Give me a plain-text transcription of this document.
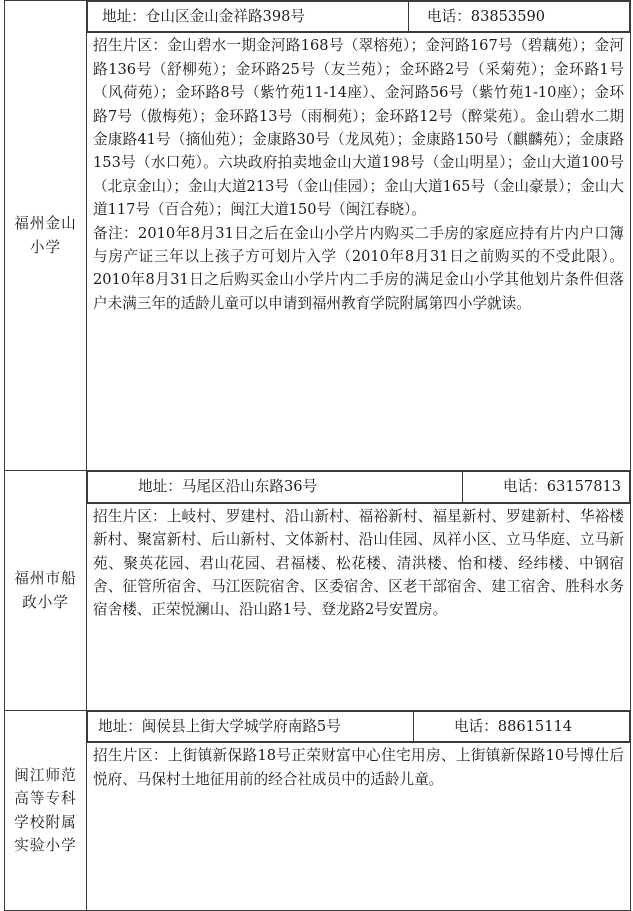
福州金山小学	
地址：仓山区金山金祥路398号	电话：83853590

招生片区：金山碧水一期金河路168号（翠榕苑）；金河路167号（碧藕苑）；金河路136号（舒柳苑）；金环路25号（友兰苑）；金环路2号（采菊苑）；金环路1号（风荷苑）；金环路8号（紫竹苑11-14座）、金河路56号（紫竹苑1-10座）；金环路7号（傲梅苑）；金环路13号（雨桐苑）；金环路12号（醉棠苑）。金山碧水二期金康路41号（摘仙苑）；金康路30号（龙凤苑）；金康路150号（麒麟苑）；金康路153号（水口苑）。六块政府拍卖地金山大道198号（金山明星）；金山大道100号（北京金山）；金山大道213号（金山佳园）；金山大道165号（金山豪景）；金山大道117号（百合苑）；闽江大道150号（闽江春晓）。

备注：2010年8月31日之后在金山小学片内购买二手房的家庭应持有片内户口簿与房产证三年以上孩子方可划片入学（2010年8月31日之前购买的不受此限）。2010年8月31日之后购买金山小学片内二手房的满足金山小学其他划片条件但落户未满三年的适龄儿童可以申请到福州教育学院附属第四小学就读。

福州市船政小学	
地址：马尾区沿山东路36号	电话：63157813

招生片区：上岐村、罗建村、沿山新村、福裕新村、福星新村、罗建新村、华裕楼新村、聚富新村、后山新村、文体新村、沿山佳园、凤祥小区、立马华庭、立马新苑、聚英花园、君山花园、君福楼、松花楼、清洪楼、怡和楼、经纬楼、中钢宿舍、征管所宿舍、马江医院宿舍、区委宿舍、区老干部宿舍、建工宿舍、胜科水务宿舍楼、正荣悦澜山、沿山路1号、登龙路2号安置房。

闽江师范高等专科学校附属实验小学	
地址：闽侯县上街大学城学府南路5号	电话：88615114

招生片区：上街镇新保路18号正荣财富中心住宅用房、上街镇新保路10号博仕后悦府、马保村土地征用前的经合社成员中的适龄儿童。
